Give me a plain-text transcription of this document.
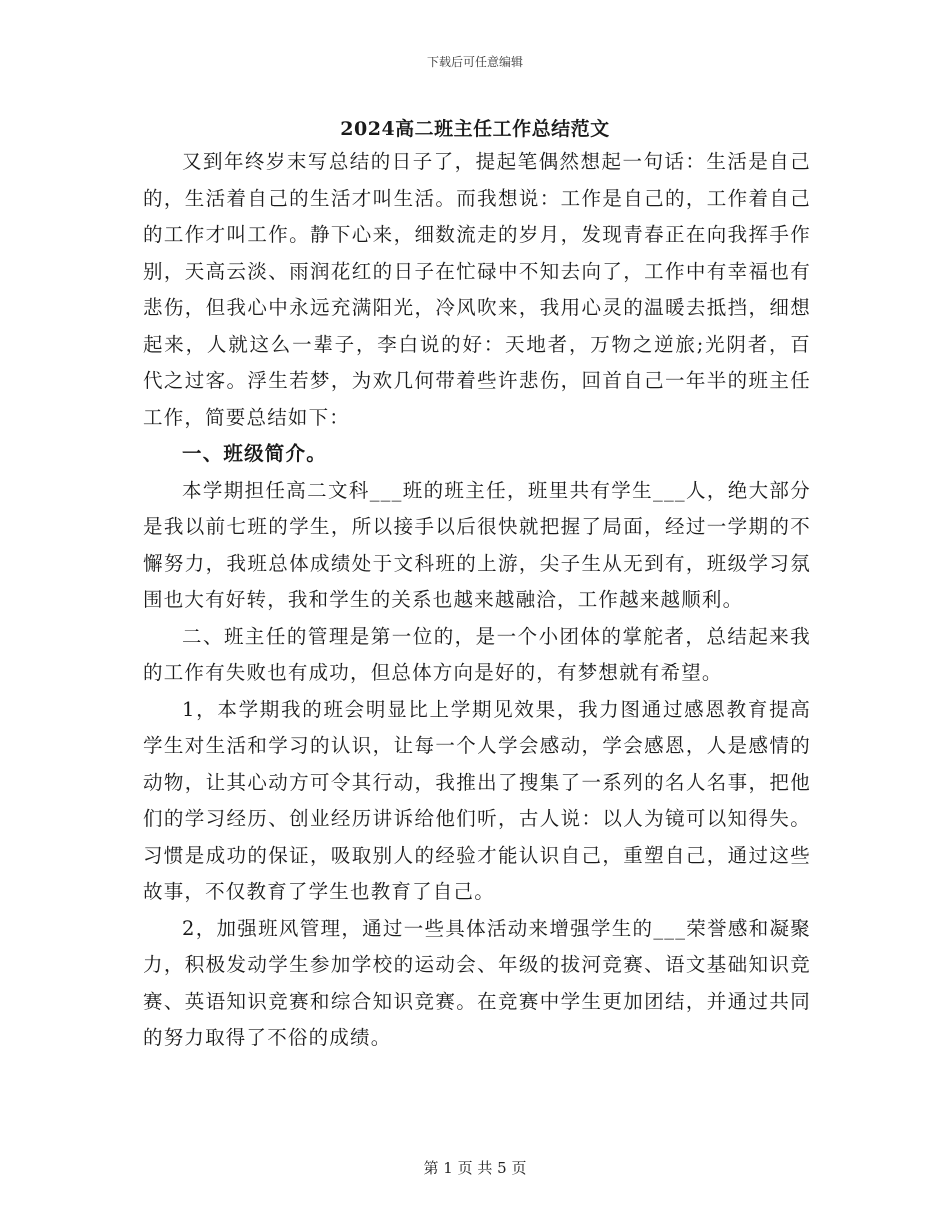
下载后可任意编辑
2024高二班主任工作总结范文

又到年终岁末写总结的日子了，提起笔偶然想起一句话：生活是自己的，生活着自己的生活才叫生活。而我想说：工作是自己的，工作着自己的工作才叫工作。静下心来，细数流走的岁月，发现青春正在向我挥手作别，天高云淡、雨润花红的日子在忙碌中不知去向了，工作中有幸福也有悲伤，但我心中永远充满阳光，冷风吹来，我用心灵的温暖去抵挡，细想起来，人就这么一辈子，李白说的好：天地者，万物之逆旅;光阴者，百代之过客。浮生若梦，为欢几何带着些许悲伤，回首自己一年半的班主任工作，简要总结如下：

一、班级简介。

本学期担任高二文科___班的班主任，班里共有学生___人，绝大部分是我以前七班的学生，所以接手以后很快就把握了局面，经过一学期的不懈努力，我班总体成绩处于文科班的上游，尖子生从无到有，班级学习氛围也大有好转，我和学生的关系也越来越融洽，工作越来越顺利。

二、班主任的管理是第一位的，是一个小团体的掌舵者，总结起来我的工作有失败也有成功，但总体方向是好的，有梦想就有希望。

1，本学期我的班会明显比上学期见效果，我力图通过感恩教育提高学生对生活和学习的认识，让每一个人学会感动，学会感恩，人是感情的动物，让其心动方可令其行动，我推出了搜集了一系列的名人名事，把他们的学习经历、创业经历讲诉给他们听，古人说：以人为镜可以知得失。习惯是成功的保证，吸取别人的经验才能认识自己，重塑自己，通过这些故事，不仅教育了学生也教育了自己。

2，加强班风管理，通过一些具体活动来增强学生的___荣誉感和凝聚力，积极发动学生参加学校的运动会、年级的拔河竞赛、语文基础知识竞赛、英语知识竞赛和综合知识竞赛。在竞赛中学生更加团结，并通过共同的努力取得了不俗的成绩。

第 1 页 共 5 页
